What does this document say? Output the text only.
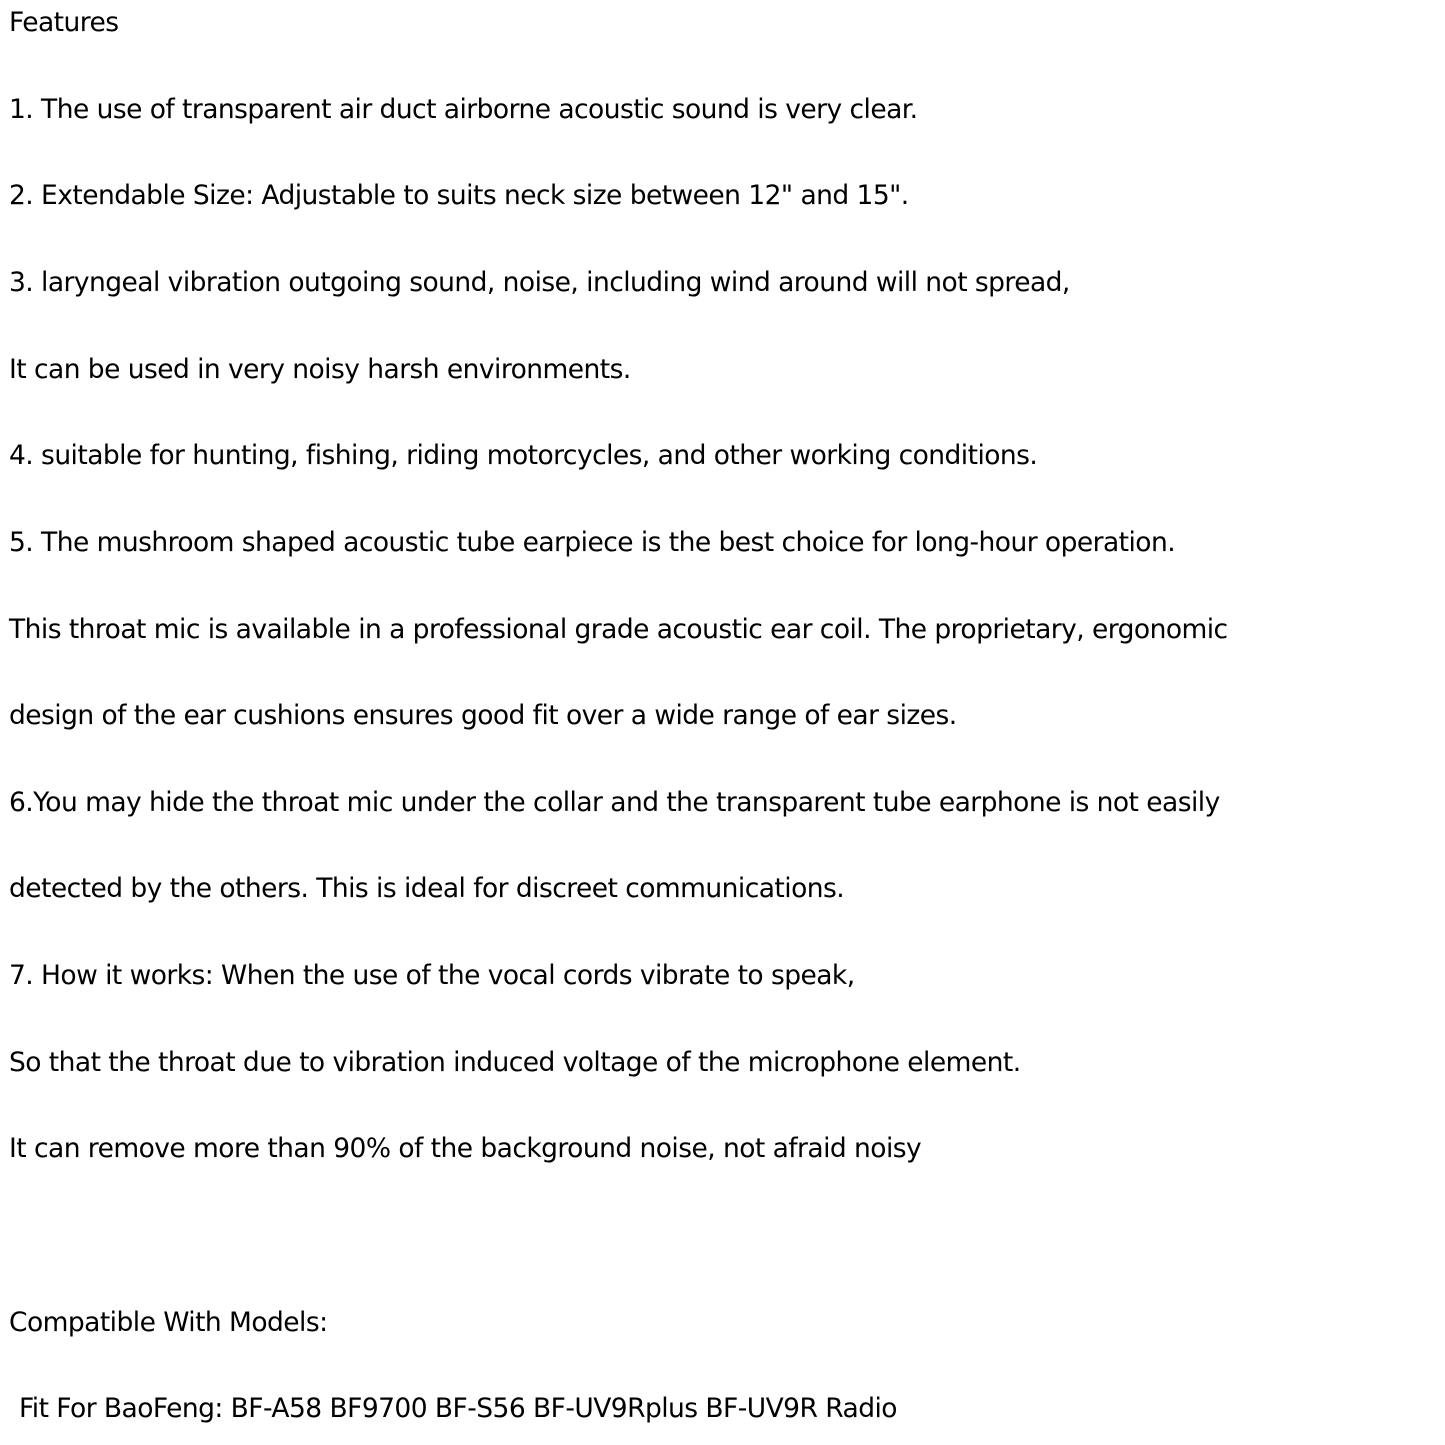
Features
1. The use of transparent air duct airborne acoustic sound is very clear.
2. Extendable Size: Adjustable to suits neck size between 12" and 15".
3. laryngeal vibration outgoing sound, noise, including wind around will not spread,
It can be used in very noisy harsh environments.
4. suitable for hunting, fishing, riding motorcycles, and other working conditions.
5. The mushroom shaped acoustic tube earpiece is the best choice for long-hour operation.
This throat mic is available in a professional grade acoustic ear coil. The proprietary, ergonomic
design of the ear cushions ensures good fit over a wide range of ear sizes.
6.You may hide the throat mic under the collar and the transparent tube earphone is not easily
detected by the others. This is ideal for discreet communications.
7. How it works: When the use of the vocal cords vibrate to speak,
So that the throat due to vibration induced voltage of the microphone element.
It can remove more than 90% of the background noise, not afraid noisy
Compatible With Models:
Fit For BaoFeng: BF-A58 BF9700 BF-S56 BF-UV9Rplus BF-UV9R Radio
